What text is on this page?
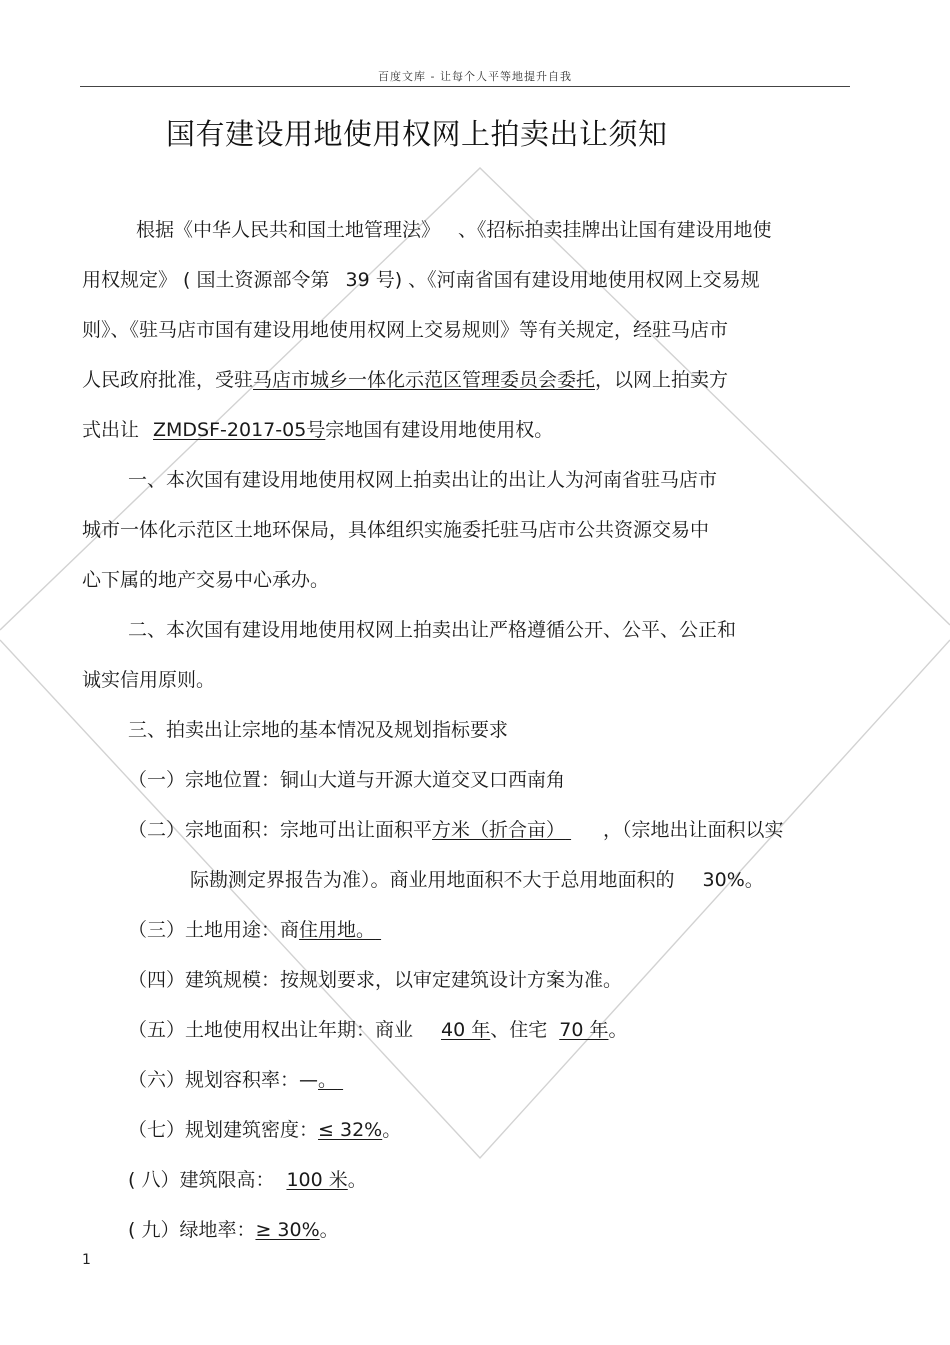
百度文库 - 让每个人平等地提升自我
国有建设用地使用权网上拍卖出让须知
根据《中华人民共和国土地管理法》 、《招标拍卖挂牌出让国有建设用地使
用权规定》 ( 国土资源部令第 39 号) 、《河南省国有建设用地使用权网上交易规
则》、《驻马店市国有建设用地使用权网上交易规则》等有关规定，经驻马店市
人民政府批准，受驻马店市城乡一体化示范区管理委员会委托，以网上拍卖方
式出让 ZMDSF-2017-05号宗地国有建设用地使用权。
一、本次国有建设用地使用权网上拍卖出让的出让人为河南省驻马店市
城市一体化示范区土地环保局，具体组织实施委托驻马店市公共资源交易中
心下属的地产交易中心承办。
二、本次国有建设用地使用权网上拍卖出让严格遵循公开、公平、公正和
诚实信用原则。
三、拍卖出让宗地的基本情况及规划指标要求
（一）宗地位置：铜山大道与开源大道交叉口西南角
（二）宗地面积：宗地可出让面积平方米（折合亩） ，（宗地出让面积以实
际勘测定界报告为准）。商业用地面积不大于总用地面积的 30%。
（三）土地用途：商住用地。
（四）建筑规模：按规划要求，以审定建筑设计方案为准。
（五）土地使用权出让年期：商业 40 年、住宅 70 年。
（六）规划容积率：—。
（七）规划建筑密度：≤ 32%。
( 八）建筑限高： 100 米。
( 九）绿地率：≥ 30%。
1
